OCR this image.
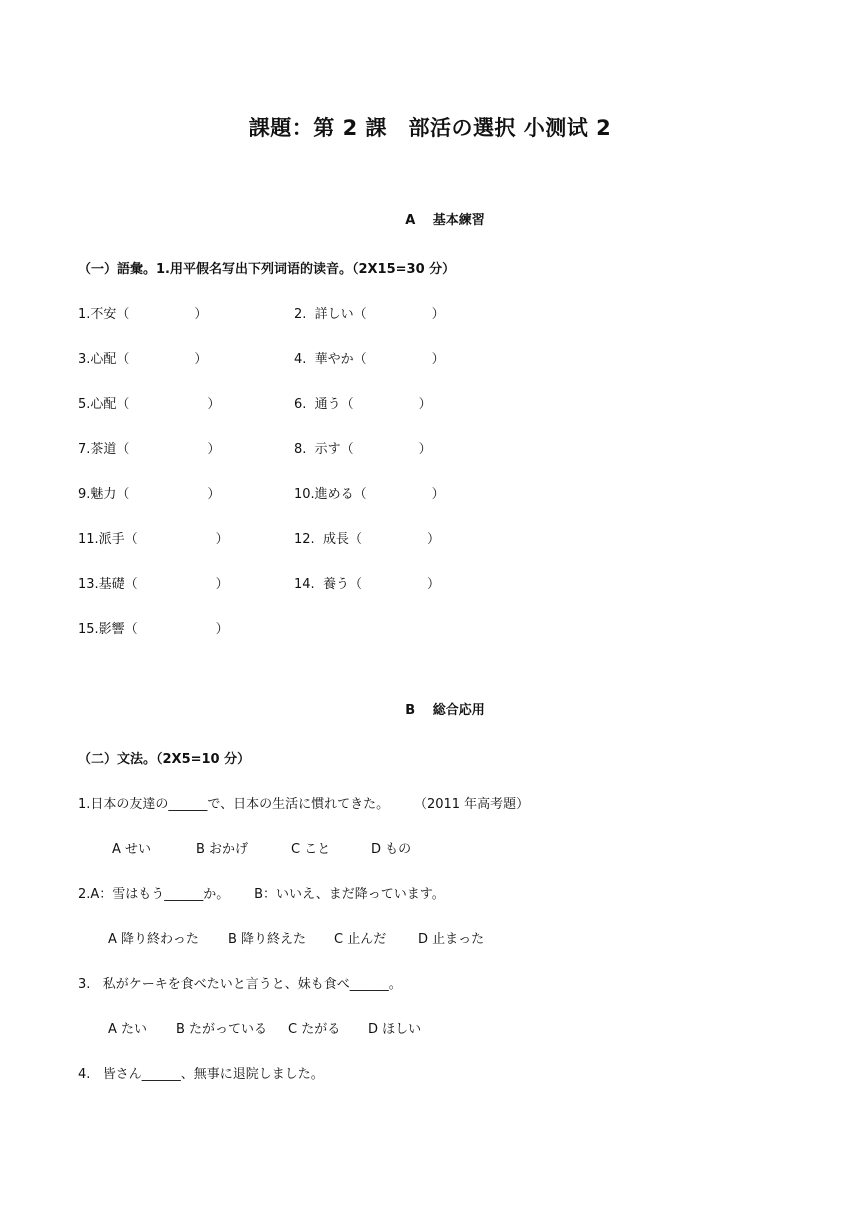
課題：第 2 課　部活の選択 小测试 2
A　 基本練習
（一）語彙。1.用平假名写出下列词语的读音。（2X15=30 分）
1.不安（　　　　　）	2.  詳しい（　　　　　）
3.心配（　　　　　）	4.  華やか（　　　　　）
5.心配（　　　　　　）	6.  通う（　　　　　）
7.茶道（　　　　　　）	8.  示す（　　　　　）
9.魅力（　　　　　　）	10.進める（　　　　　）
11.派手（　　　　　　）	12.  成長（　　　　　）
13.基礎（　　　　　　）	14.  養う（　　　　　）
15.影響（　　　　　　）
B　 総合応用
（二）文法。（2X5=10 分）
1.日本の友達の______で、日本の生活に慣れてきた。      （2011 年高考題）
A せい	B おかげ	C こと	D もの
2.A：雪はもう______か。      B：いいえ、まだ降っています。
A 降り終わった B 降り終えた C 止んだ D 止まった
3.   私がケーキを食べたいと言うと、妹も食べ______。
A たい B たがっている C たがる D ほしい
4.   皆さん______、無事に退院しました。
